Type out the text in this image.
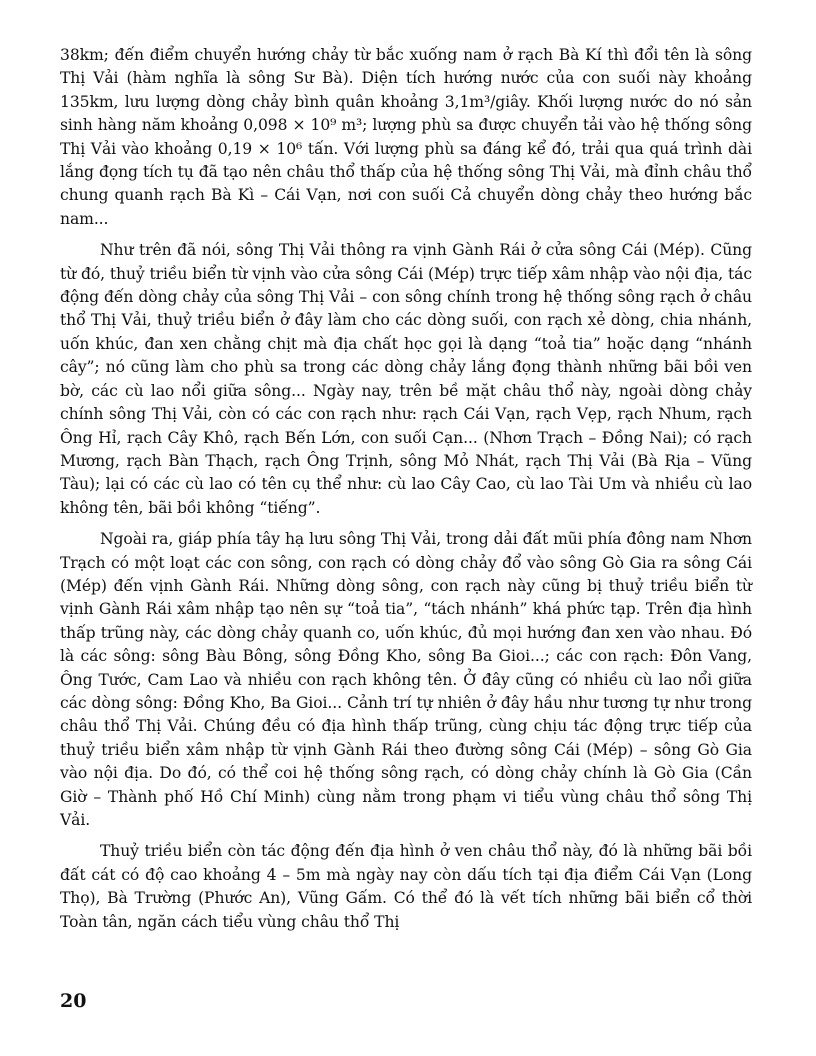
38km; đến điểm chuyển hướng chảy từ bắc xuống nam ở rạch Bà Kí thì đổi tên là sông Thị Vải (hàm nghĩa là sông Sư Bà). Diện tích hướng nước của con suối này khoảng 135km, lưu lượng dòng chảy bình quân khoảng 3,1m³/giây. Khối lượng nước do nó sản sinh hàng năm khoảng 0,098 × 10⁹ m³; lượng phù sa được chuyển tải vào hệ thống sông Thị Vải vào khoảng 0,19 × 10⁶ tấn. Với lượng phù sa đáng kể đó, trải qua quá trình dài lắng đọng tích tụ đã tạo nên châu thổ thấp của hệ thống sông Thị Vải, mà đỉnh châu thổ chung quanh rạch Bà Kì – Cái Vạn, nơi con suối Cả chuyển dòng chảy theo hướng bắc nam...

Như trên đã nói, sông Thị Vải thông ra vịnh Gành Rái ở cửa sông Cái (Mép). Cũng từ đó, thuỷ triều biển từ vịnh vào cửa sông Cái (Mép) trực tiếp xâm nhập vào nội địa, tác động đến dòng chảy của sông Thị Vải – con sông chính trong hệ thống sông rạch ở châu thổ Thị Vải, thuỷ triều biển ở đây làm cho các dòng suối, con rạch xẻ dòng, chia nhánh, uốn khúc, đan xen chằng chịt mà địa chất học gọi là dạng “toả tia” hoặc dạng “nhánh cây”; nó cũng làm cho phù sa trong các dòng chảy lắng đọng thành những bãi bồi ven bờ, các cù lao nổi giữa sông... Ngày nay, trên bề mặt châu thổ này, ngoài dòng chảy chính sông Thị Vải, còn có các con rạch như: rạch Cái Vạn, rạch Vẹp, rạch Nhum, rạch Ông Hỉ, rạch Cây Khô, rạch Bến Lớn, con suối Cạn... (Nhơn Trạch – Đồng Nai); có rạch Mương, rạch Bàn Thạch, rạch Ông Trịnh, sông Mỏ Nhát, rạch Thị Vải (Bà Rịa – Vũng Tàu); lại có các cù lao có tên cụ thể như: cù lao Cây Cao, cù lao Tài Um và nhiều cù lao không tên, bãi bồi không “tiếng”.

Ngoài ra, giáp phía tây hạ lưu sông Thị Vải, trong dải đất mũi phía đông nam Nhơn Trạch có một loạt các con sông, con rạch có dòng chảy đổ vào sông Gò Gia ra sông Cái (Mép) đến vịnh Gành Rái. Những dòng sông, con rạch này cũng bị thuỷ triều biển từ vịnh Gành Rái xâm nhập tạo nên sự “toả tia”, “tách nhánh” khá phức tạp. Trên địa hình thấp trũng này, các dòng chảy quanh co, uốn khúc, đủ mọi hướng đan xen vào nhau. Đó là các sông: sông Bàu Bông, sông Đồng Kho, sông Ba Gioi...; các con rạch: Đôn Vang, Ông Tước, Cam Lao và nhiều con rạch không tên. Ở đây cũng có nhiều cù lao nổi giữa các dòng sông: Đồng Kho, Ba Gioi... Cảnh trí tự nhiên ở đây hầu như tương tự như trong châu thổ Thị Vải. Chúng đều có địa hình thấp trũng, cùng chịu tác động trực tiếp của thuỷ triều biển xâm nhập từ vịnh Gành Rái theo đường sông Cái (Mép) – sông Gò Gia vào nội địa. Do đó, có thể coi hệ thống sông rạch, có dòng chảy chính là Gò Gia (Cần Giờ – Thành phố Hồ Chí Minh) cùng nằm trong phạm vi tiểu vùng châu thổ sông Thị Vải.

Thuỷ triều biển còn tác động đến địa hình ở ven châu thổ này, đó là những bãi bồi đất cát có độ cao khoảng 4 – 5m mà ngày nay còn dấu tích tại địa điểm Cái Vạn (Long Thọ), Bà Trường (Phước An), Vũng Gấm. Có thể đó là vết tích những bãi biển cổ thời Toàn tân, ngăn cách tiểu vùng châu thổ Thị

20
